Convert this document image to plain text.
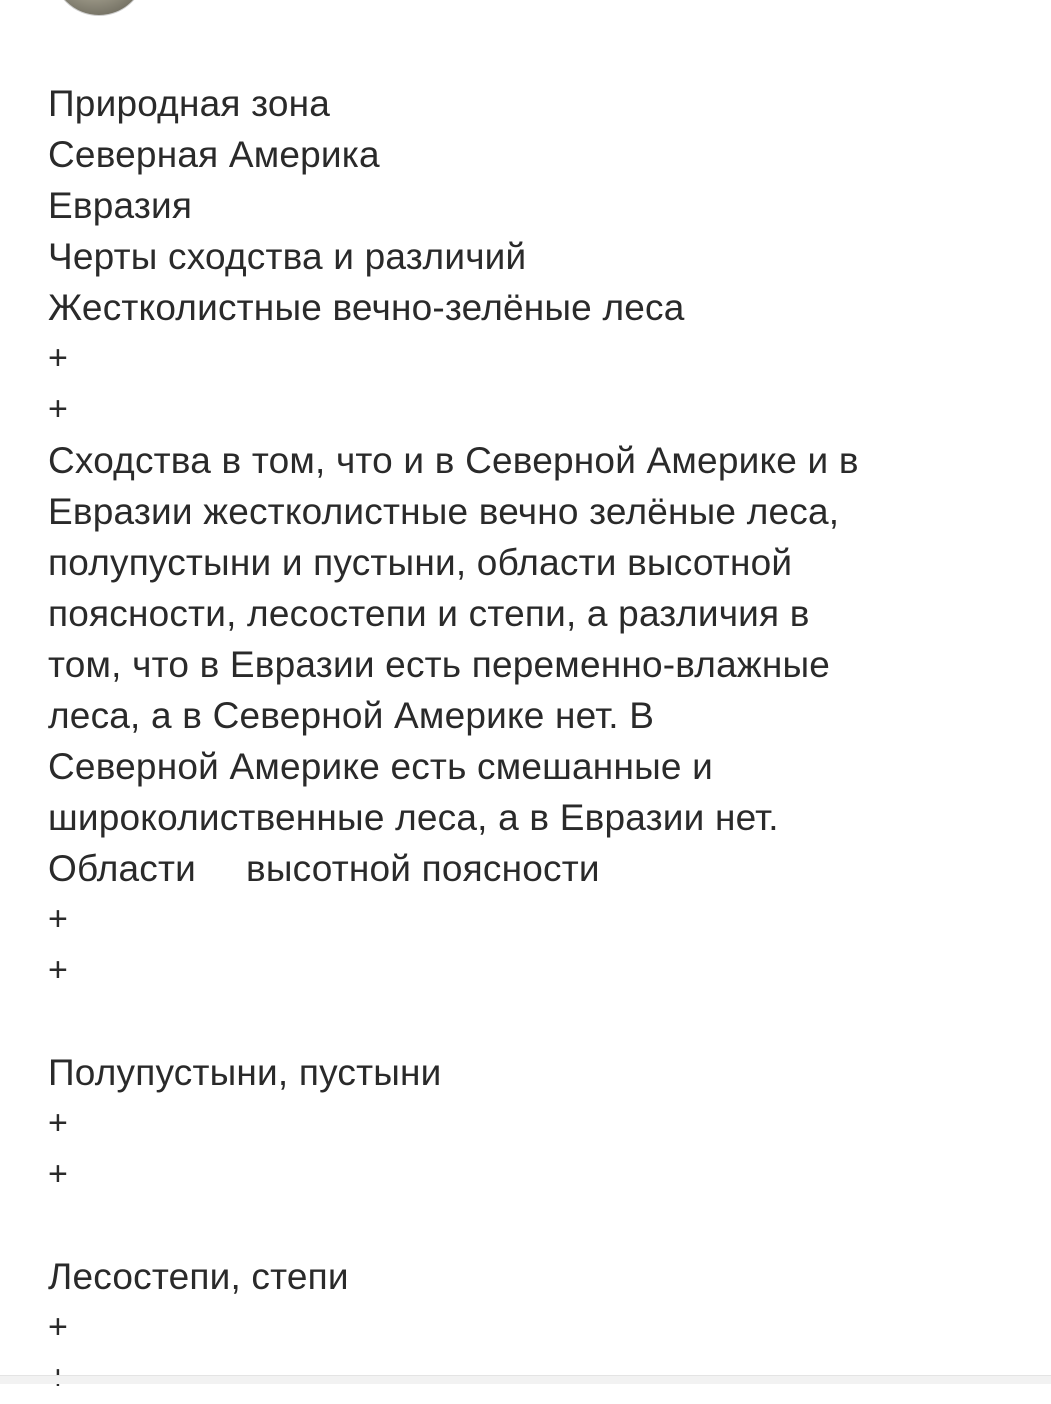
Природная зона
Северная Америка
Евразия
Черты сходства и различий
Жестколистные вечно-зелёные леса
+
+
Сходства в том, что и в Северной Америке и в
Евразии жестколистные вечно зелёные леса,
полупустыни и пустыни, области высотной
поясности, лесостепи и степи, а различия в
том, что в Евразии есть переменно-влажные
леса, а в Северной Америке нет. В
Северной Америке есть смешанные и
широколиственные леса, а в Евразии нет.
Области высотной поясности
+
+
Полупустыни, пустыни
+
+
Лесостепи, степи
+
